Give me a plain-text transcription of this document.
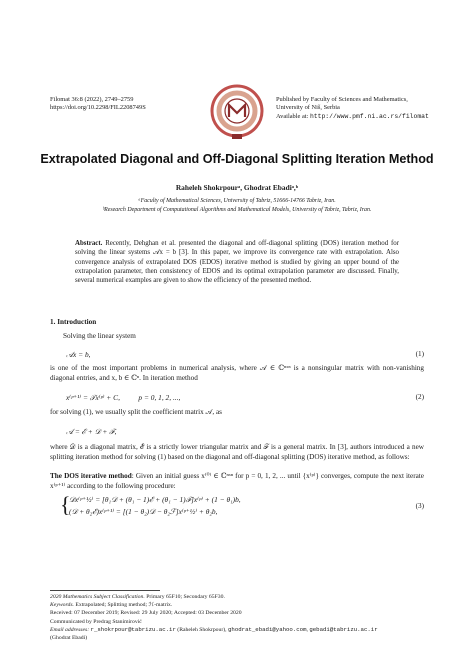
Filomat 36:8 (2022), 2749–2759
https://doi.org/10.2298/FIL2208749S
Published by Faculty of Sciences and Mathematics,
University of Niš, Serbia
Available at: http://www.pmf.ni.ac.rs/filomat
Extrapolated Diagonal and Off-Diagonal Splitting Iteration Method
Raheleh Shokrpourᵃ, Ghodrat Ebadiᵃ,ᵇ
ᵃFaculty of Mathematical Sciences, University of Tabriz, 51666-14766 Tabriz, Iran.
ᵇResearch Department of Computational Algorithms and Mathematical Models, University of Tabriz, Tabriz, Iran.
Abstract. Recently, Dehghan et al. presented the diagonal and off-diagonal splitting (DOS) iteration method for solving the linear systems 𝒜x = b [3]. In this paper, we improve its convergence rate with extrapolation. Also convergence analysis of extrapolated DOS (EDOS) iterative method is studied by giving an upper bound of the extrapolation parameter, then consistency of EDOS and its optimal extrapolation parameter are discussed. Finally, several numerical examples are given to show the efficiency of the presented method.
1. Introduction
Solving the linear system
𝒜x = b,	(1)
is one of the most important problems in numerical analysis, where 𝒜 ∈ ℂⁿˣⁿ is a nonsingular matrix with non-vanishing diagonal entries, and x, b ∈ ℂⁿ. In iteration method
x⁽ᵖ⁺¹⁾ = 𝒯x⁽ᵖ⁾ + C,          p = 0, 1, 2, ...,	(2)
for solving (1), we usually split the coefficient matrix 𝒜, as
𝒜 = ℰ + 𝒟 + ℱ,
where 𝒟 is a diagonal matrix, ℰ is a strictly lower triangular matrix and ℱ is a general matrix. In [3], authors introduced a new splitting iteration method for solving (1) based on the diagonal and off-diagonal splitting (DOS) iterative method, as follows:
The DOS iterative method: Given an initial guess x⁽⁰⁾ ∈ ℂⁿˣⁿ for p = 0, 1, 2, ... until {x⁽ᵖ⁾} converges, compute the next iterate x⁽ᵖ⁺¹⁾ according to the following procedure:
{
𝒟x⁽ᵖ⁺½⁾ = [θ₁𝒟 + (θ₁ − 1)ℰ + (θ₁ − 1)ℱ]x⁽ᵖ⁾ + (1 − θ₁)b,
(𝒟 + θ₂ℰ)x⁽ᵖ⁺¹⁾ = [(1 − θ₂)𝒟 − θ₂ℱ]x⁽ᵖ⁺½⁾ + θ₂b,
(3)
2020 Mathematics Subject Classification. Primary 65F10; Secondary 65F30.
Keywords. Extrapolated; Splitting method; ℋ-matrix.
Received: 07 December 2019; Revised: 29 July 2020; Accepted: 03 December 2020
Communicated by Predrag Stanimirović
Email addresses: r_shokrpour@tabrizu.ac.ir (Raheleh Shokrpour), ghodrat_ebadi@yahoo.com, gebadi@tabrizu.ac.ir
(Ghodrat Ebadi)
